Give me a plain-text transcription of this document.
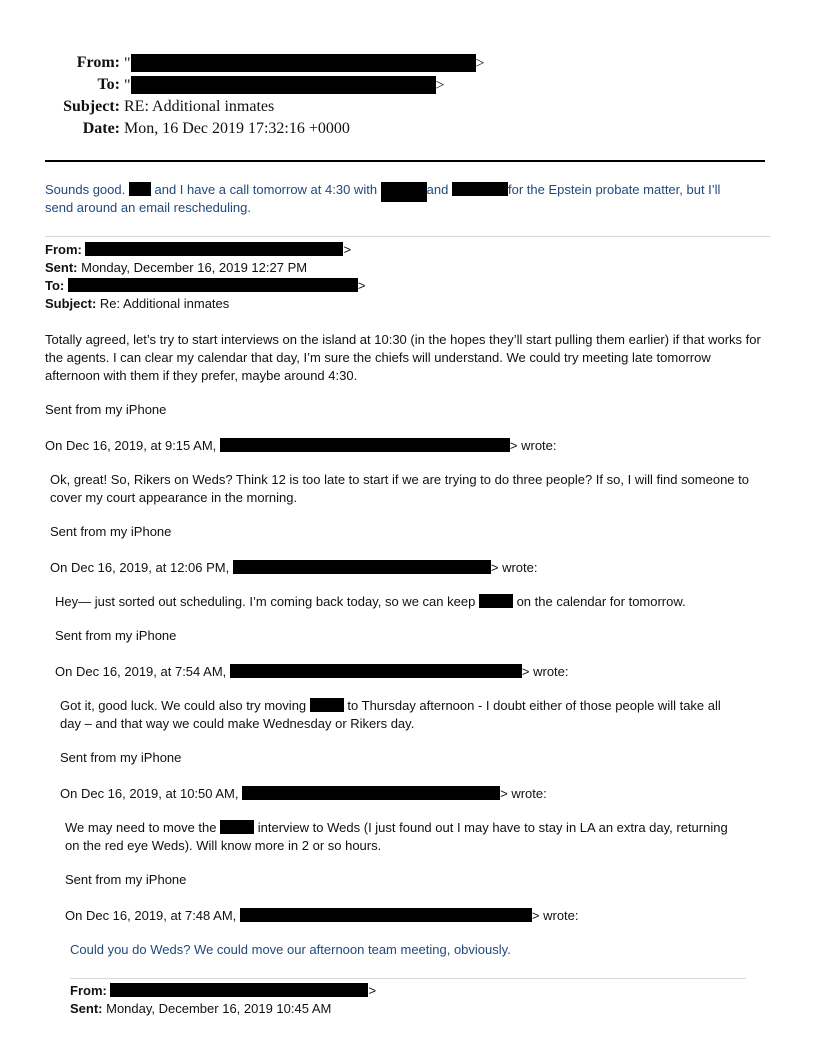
From: "	>
To: "	>
Subject: RE: Additional inmates
Date: Mon, 16 Dec 2019 17:32:16 +0000
Sounds good. and I have a call tomorrow at 4:30 with	and	for the Epstein probate matter, but I’ll
send around an email rescheduling.
From:	>
Sent: Monday, December 16, 2019 12:27 PM
To:	>
Subject: Re: Additional inmates
Totally agreed, let’s try to start interviews on the island at 10:30 (in the hopes they’ll start pulling them earlier) if that works for the agents. I can clear my calendar that day, I’m sure the chiefs will understand. We could try meeting late tomorrow afternoon with them if they prefer, maybe around 4:30.
Sent from my iPhone
On Dec 16, 2019, at 9:15 AM,	> wrote:
Ok, great! So, Rikers on Weds? Think 12 is too late to start if we are trying to do three people? If so, I will find someone to cover my court appearance in the morning.
Sent from my iPhone
On Dec 16, 2019, at 12:06 PM,	> wrote:
Hey— just sorted out scheduling. I’m coming back today, so we can keep	on the calendar for tomorrow.
Sent from my iPhone
On Dec 16, 2019, at 7:54 AM,	> wrote:
Got it, good luck. We could also try moving	to Thursday afternoon - I doubt either of those people will take all
day – and that way we could make Wednesday or Rikers day.
Sent from my iPhone
On Dec 16, 2019, at 10:50 AM,	> wrote:
We may need to move the	interview to Weds (I just found out I may have to stay in LA an extra day, returning
on the red eye Weds). Will know more in 2 or so hours.
Sent from my iPhone
On Dec 16, 2019, at 7:48 AM,	> wrote:
Could you do Weds? We could move our afternoon team meeting, obviously.
From:	>
Sent: Monday, December 16, 2019 10:45 AM
